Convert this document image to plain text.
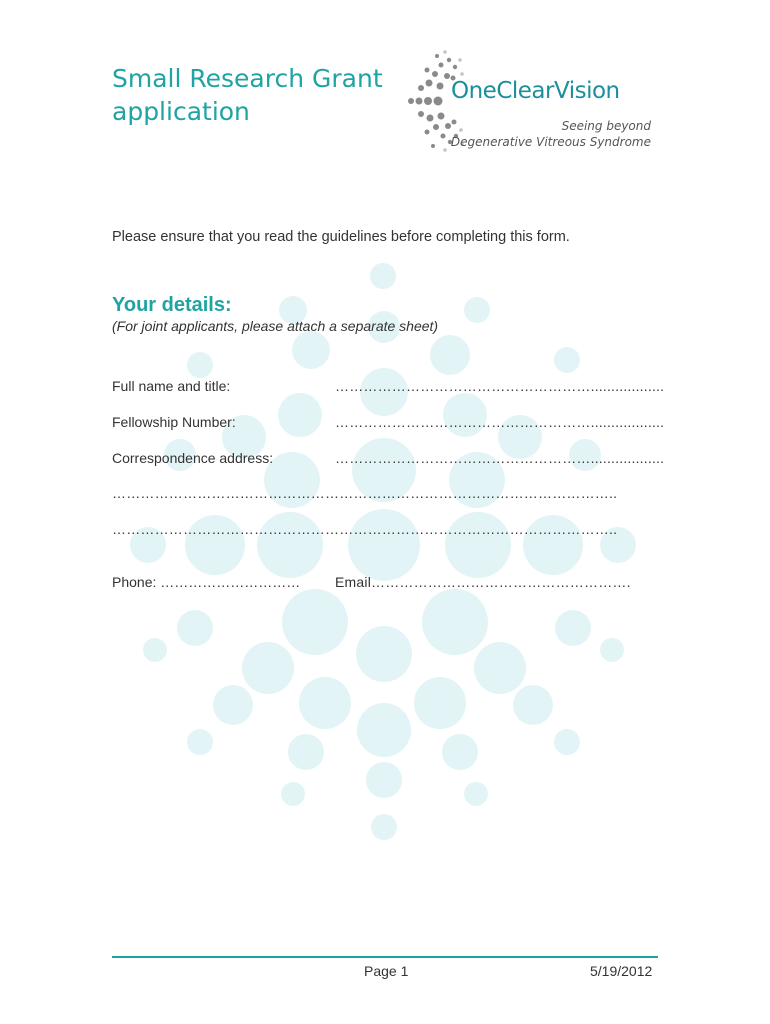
Small Research Grant
application
OneClearVision
Seeing beyond
Degenerative Vitreous Syndrome
Please ensure that you read the guidelines before completing this form.
Your details:
(For joint applicants, please attach a separate sheet)
Full name and title:	………………………………………………..................
Fellowship Number:	………………………………………………..................
Correspondence address:	………………………………………………..................
……………………………………………………………………………………………..
……………………………………………………………………………………………..
Phone: ………………………… Email……………………………………………….
Page 1	5/19/2012
